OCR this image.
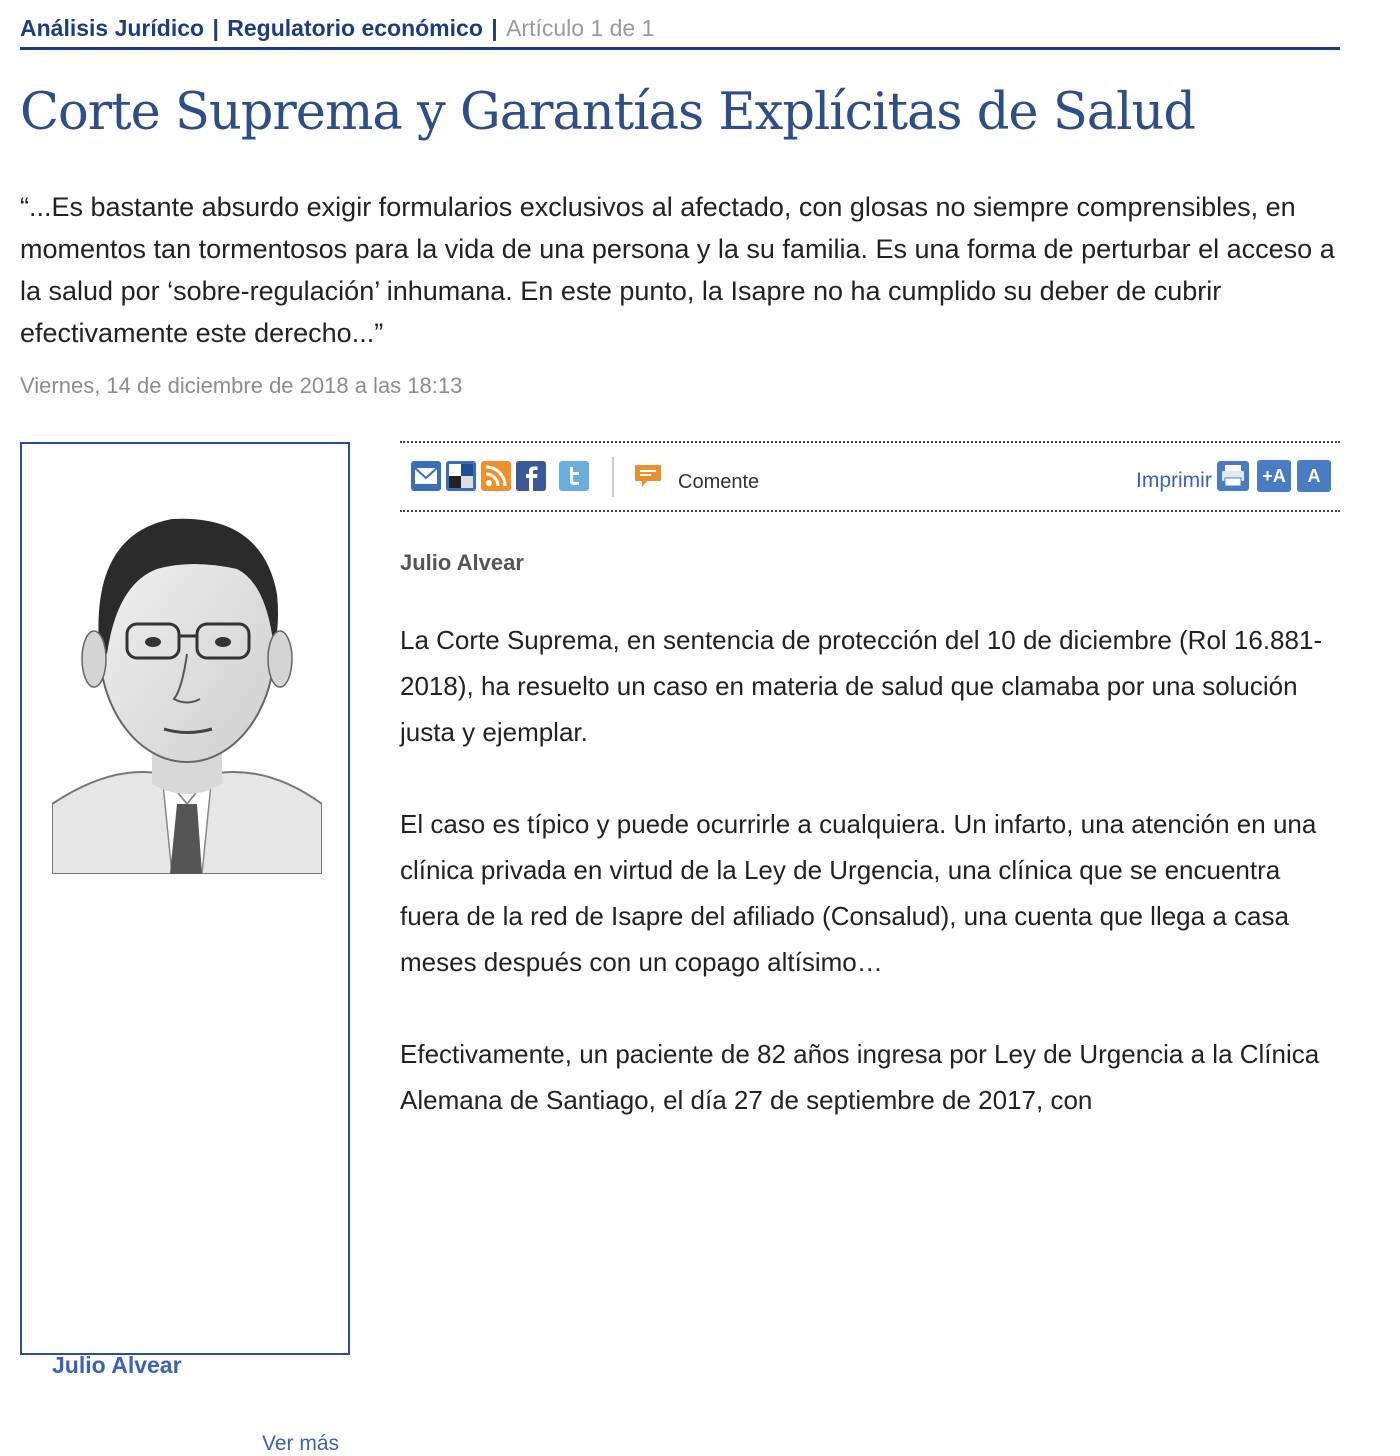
Análisis Jurídico | Regulatorio económico | Artículo 1 de 1
Corte Suprema y Garantías Explícitas de Salud

“...Es bastante absurdo exigir formularios exclusivos al afectado, con glosas no siempre comprensibles, en momentos tan tormentosos para la vida de una persona y la su familia. Es una forma de perturbar el acceso a la salud por ‘sobre-regulación’ inhumana. En este punto, la Isapre no ha cumplido su deber de cubrir efectivamente este derecho...”

Viernes, 14 de diciembre de 2018 a las 18:13
Julio Alvear
Ver más
Comente	Imprimir	+A	A
Julio Alvear

La Corte Suprema, en sentencia de protección del 10 de diciembre (Rol 16.881-2018), ha resuelto un caso en materia de salud que clamaba por una solución justa y ejemplar.

El caso es típico y puede ocurrirle a cualquiera. Un infarto, una atención en una clínica privada en virtud de la Ley de Urgencia, una clínica que se encuentra fuera de la red de Isapre del afiliado (Consalud), una cuenta que llega a casa meses después con un copago altísimo…

Efectivamente, un paciente de 82 años ingresa por Ley de Urgencia a la Clínica Alemana de Santiago, el día 27 de septiembre de 2017, con
